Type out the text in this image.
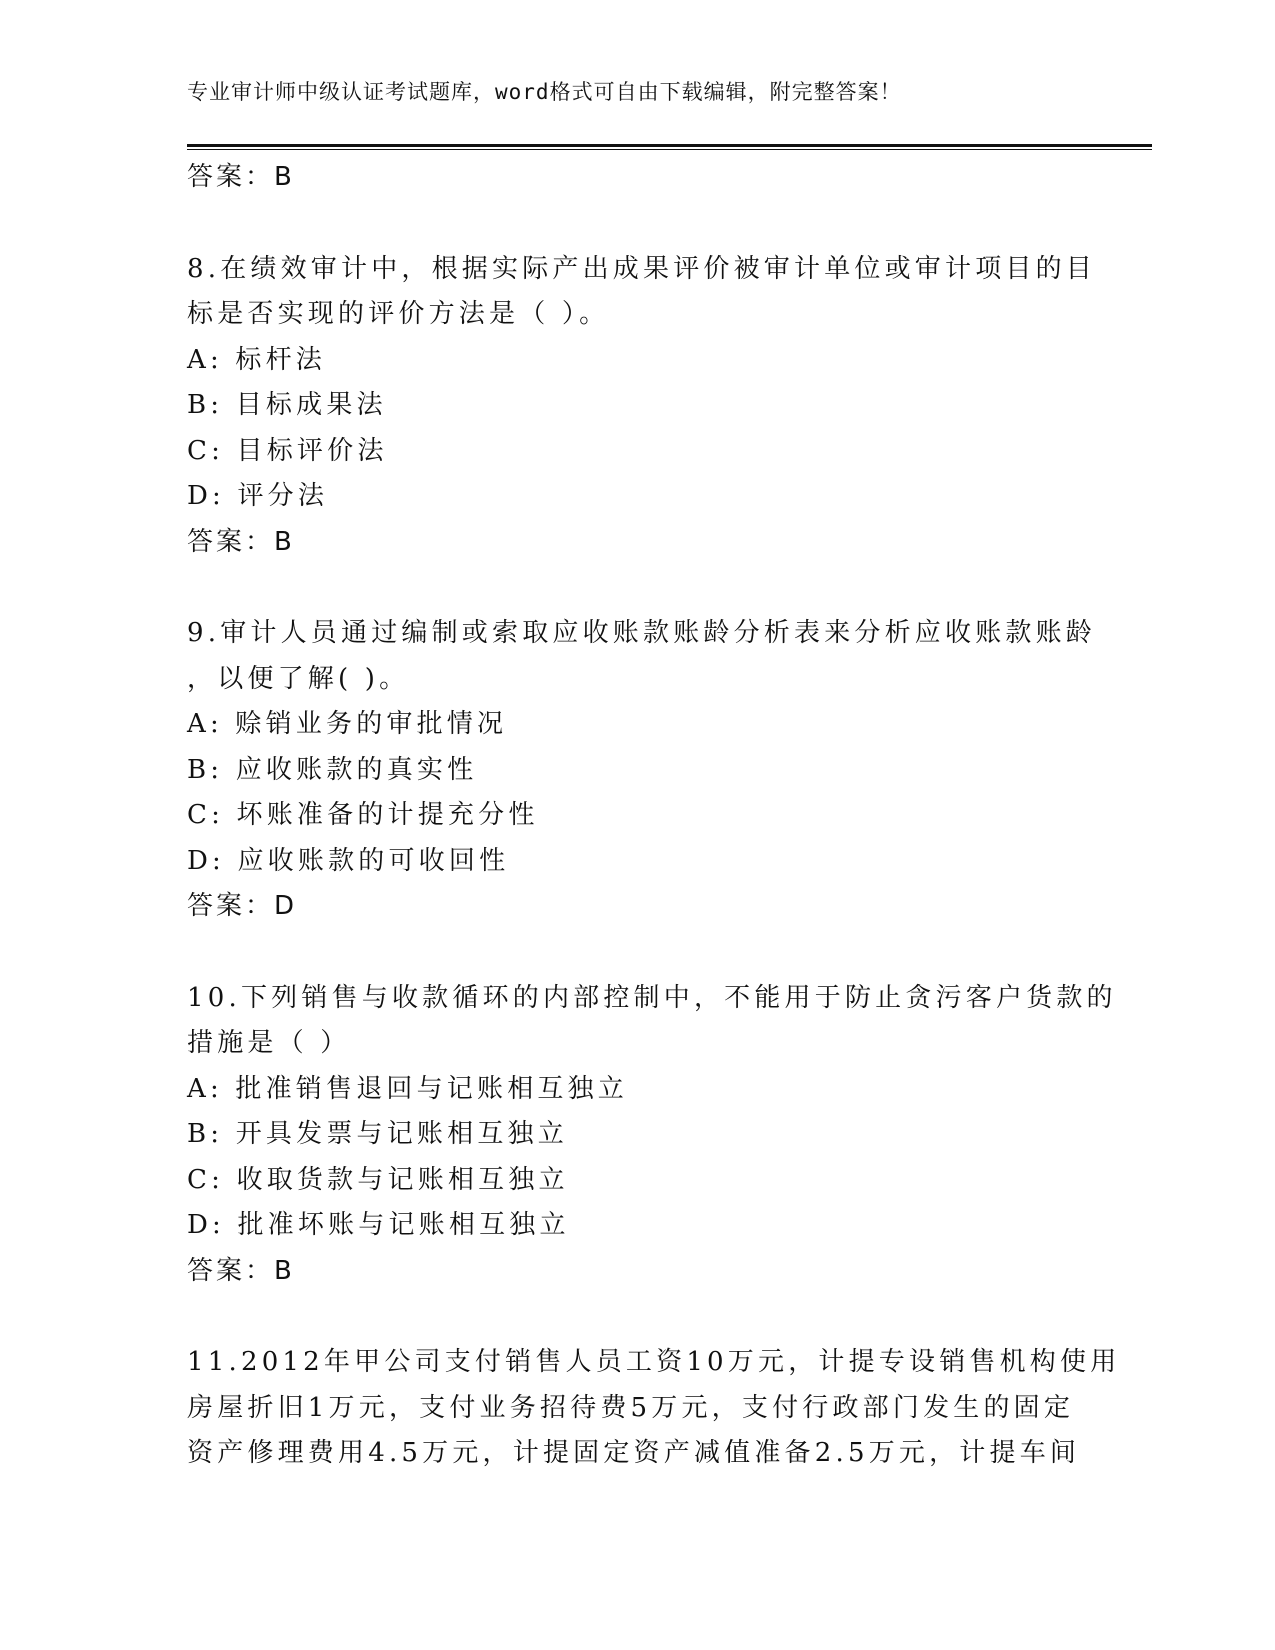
专业审计师中级认证考试题库，word格式可自由下载编辑，附完整答案！
答案：B
8.在绩效审计中，根据实际产出成果评价被审计单位或审计项目的目
标是否实现的评价方法是（ ）。
A: 标杆法
B: 目标成果法
C: 目标评价法
D: 评分法
答案：B
9.审计人员通过编制或索取应收账款账龄分析表来分析应收账款账龄
，以便了解( )。
A: 赊销业务的审批情况
B: 应收账款的真实性
C: 坏账准备的计提充分性
D: 应收账款的可收回性
答案：D
10.下列销售与收款循环的内部控制中，不能用于防止贪污客户货款的
措施是（ ）
A: 批准销售退回与记账相互独立
B: 开具发票与记账相互独立
C: 收取货款与记账相互独立
D: 批准坏账与记账相互独立
答案：B
11.2012年甲公司支付销售人员工资10万元，计提专设销售机构使用
房屋折旧1万元，支付业务招待费5万元，支付行政部门发生的固定
资产修理费用4.5万元，计提固定资产减值准备2.5万元，计提车间
